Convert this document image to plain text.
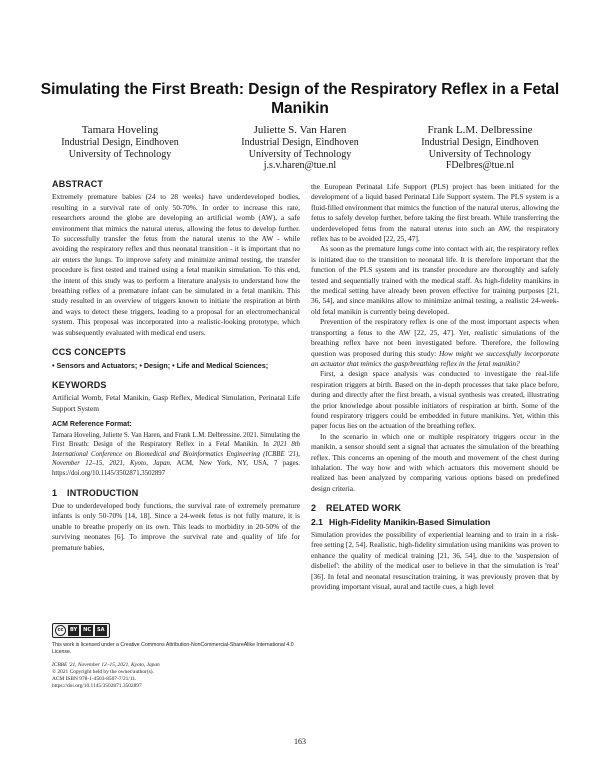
Simulating the First Breath: Design of the Respiratory Reflex in a Fetal Manikin
Tamara Hoveling
Industrial Design, Eindhoven
University of Technology
Juliette S. Van Haren
Industrial Design, Eindhoven
University of Technology
j.s.v.haren@tue.nl
Frank L.M. Delbressine
Industrial Design, Eindhoven
University of Technology
FDelbres@tue.nl
ABSTRACT

Extremely premature babies (24 to 28 weeks) have underdeveloped bodies, resulting in a survival rate of only 50-70%. In order to increase this rate, researchers around the globe are developing an artificial womb (AW), a safe environment that mimics the natural uterus, allowing the fetus to develop further. To successfully transfer the fetus from the natural uterus to the AW - while avoiding the respiratory reflex and thus neonatal transition - it is important that no air enters the lungs. To improve safety and minimize animal testing, the transfer procedure is first tested and trained using a fetal manikin simulation. To this end, the intent of this study was to perform a literature analysis to understand how the breathing reflex of a premature infant can be simulated in a fetal manikin. This study resulted in an overview of triggers known to initiate the respiration at birth and ways to detect these triggers, leading to a proposal for an electromechanical system. This proposal was incorporated into a realistic-looking prototype, which was subsequently evaluated with medical end users.

CCS CONCEPTS

• Sensors and Actuators; • Design; • Life and Medical Sciences;

KEYWORDS

Artificial Womb, Fetal Manikin, Gasp Reflex, Medical Simulation, Perinatal Life Support System

ACM Reference Format:

Tamara Hoveling, Juliette S. Van Haren, and Frank L.M. Delbressine. 2021. Simulating the First Breath: Design of the Respiratory Reflex in a Fetal Manikin. In 2021 8th International Conference on Biomedical and Bioinformatics Engineering (ICBBE '21), November 12–15, 2021, Kyoto, Japan. ACM, New York, NY, USA, 7 pages. https://doi.org/10.1145/3502871.3502897

1 INTRODUCTION

Due to underdeveloped body functions, the survival rate of extremely premature infants is only 50-70% [14, 18]. Since a 24-week fetus is not fully mature, it is unable to breathe properly on its own. This leads to morbidity in 20-50% of the surviving neonates [6]. To improve the survival rate and quality of life for premature babies,

cc	BY	NC	SA
This work is licensed under a Creative Commons Attribution-NonCommercial-ShareAlike International 4.0 License.
ICBBE '21, November 12–15, 2021, Kyoto, Japan
© 2021 Copyright held by the owner/author(s).
ACM ISBN 978-1-4503-8507-7/21/11.
https://doi.org/10.1145/3502871.3502897

the European Perinatal Life Support (PLS) project has been initiated for the development of a liquid based Perinatal Life Support system. The PLS system is a fluid-filled environment that mimics the function of the natural uterus, allowing the fetus to safely develop further, before taking the first breath. While transferring the underdeveloped fetus from the natural uterus into such an AW, the respiratory reflex has to be avoided [22, 25, 47].

As soon as the premature lungs come into contact with air, the respiratory reflex is initiated due to the transition to neonatal life. It is therefore important that the function of the PLS system and its transfer procedure are thoroughly and safely tested and sequentially trained with the medical staff. As high-fidelity manikins in the medical setting have already been proven effective for training purposes [21, 36, 54], and since manikins allow to minimize animal testing, a realistic 24-week-old fetal manikin is currently being developed.

Prevention of the respiratory reflex is one of the most important aspects when transporting a fetus to the AW [22, 25, 47]. Yet, realistic simulations of the breathing reflex have not been investigated before. Therefore, the following question was proposed during this study: How might we successfully incorporate an actuator that mimics the gasp/breathing reflex in the fetal manikin?

First, a design space analysis was conducted to investigate the real-life respiration triggers at birth. Based on the in-depth processes that take place before, during and directly after the first breath, a visual synthesis was created, illustrating the prior knowledge about possible initiators of respiration at birth. Some of the found respiratory triggers could be embedded in future manikins. Yet, within this paper focus lies on the actuation of the breathing reflex.

In the scenario in which one or multiple respiratory triggers occur in the manikin, a sensor should sent a signal that actuates the simulation of the breathing reflex. This concerns an opening of the mouth and movement of the chest during inhalation. The way how and with which actuators this movement should be realized has been analyzed by comparing various options based on predefined design criteria.

2 RELATED WORK
2.1 High-Fidelity Manikin-Based Simulation

Simulation provides the possibility of experiential learning and to train in a risk-free setting [2, 54]. Realistic, high-fidelity simulation using manikins was proven to enhance the quality of medical training [21, 36, 54], due to the 'suspension of disbelief': the ability of the medical user to believe in that the simulation is 'real' [36]. In fetal and neonatal resuscitation training, it was previously proven that by providing important visual, aural and tactile cues, a high level

163
